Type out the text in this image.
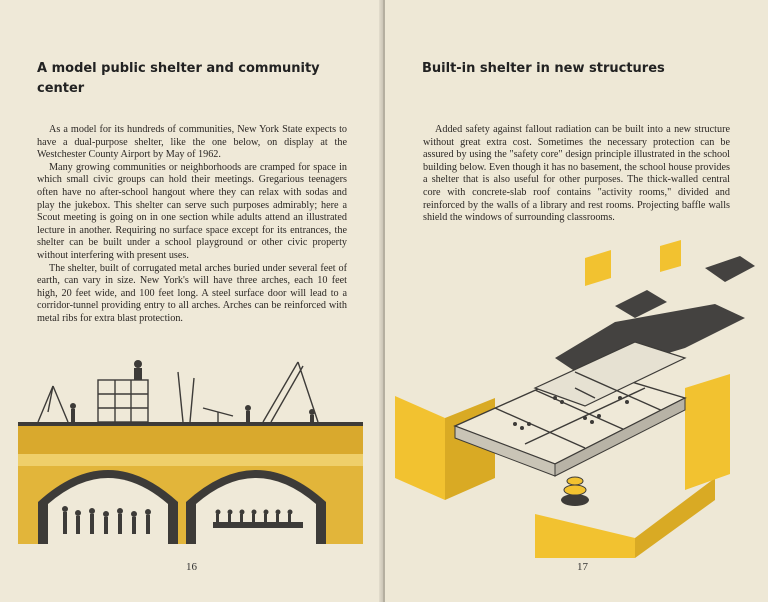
A model public shelter and community center

As a model for its hundreds of communities, New York State expects to have a dual-purpose shelter, like the one below, on display at the Westchester County Airport by May of 1962.

Many growing communities or neighborhoods are cramped for space in which small civic groups can hold their meetings. Gregarious teenagers often have no after-school hangout where they can relax with sodas and play the jukebox. This shelter can serve such purposes admirably; here a Scout meeting is going on in one section while adults attend an illustrated lecture in another. Requiring no surface space except for its entrances, the shelter can be built under a school playground or other civic property without interfering with present uses.

The shelter, built of corrugated metal arches buried under several feet of earth, can vary in size. New York's will have three arches, each 10 feet high, 20 feet wide, and 100 feet long. A steel surface door will lead to a corridor-tunnel providing entry to all arches. Arches can be reinforced with metal ribs for extra blast protection.

16
Built-in shelter in new structures

Added safety against fallout radiation can be built into a new structure without great extra cost. Sometimes the necessary protection can be assured by using the "safety core" design principle illustrated in the school building below. Even though it has no basement, the school house provides a shelter that is also useful for other purposes. The thick-walled central core with concrete-slab roof contains "activity rooms," divided and reinforced by the walls of a library and rest rooms. Projecting baffle walls shield the windows of surrounding classrooms.

17
